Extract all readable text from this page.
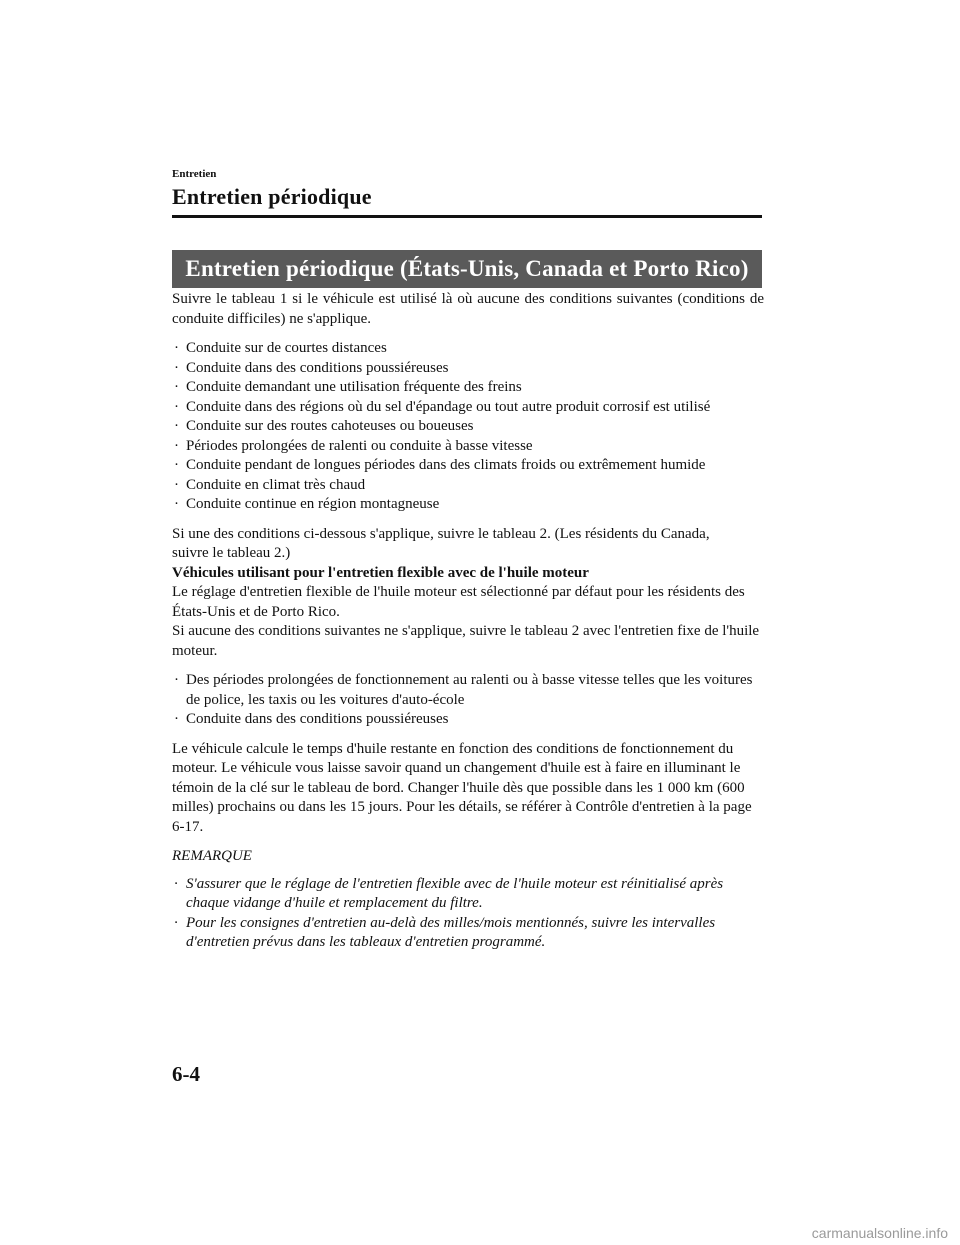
Entretien
Entretien périodique
Entretien périodique (États-Unis, Canada et Porto Rico)

Suivre le tableau 1 si le véhicule est utilisé là où aucune des conditions suivantes (conditions de conduite difficiles) ne s'applique.

· Conduite sur de courtes distances
· Conduite dans des conditions poussiéreuses
· Conduite demandant une utilisation fréquente des freins
· Conduite dans des régions où du sel d'épandage ou tout autre produit corrosif est utilisé
· Conduite sur des routes cahoteuses ou boueuses
· Périodes prolongées de ralenti ou conduite à basse vitesse
· Conduite pendant de longues périodes dans des climats froids ou extrêmement humide
· Conduite en climat très chaud
· Conduite continue en région montagneuse

Si une des conditions ci-dessous s'applique, suivre le tableau 2. (Les résidents du Canada,
suivre le tableau 2.)

Véhicules utilisant pour l'entretien flexible avec de l'huile moteur

Le réglage d'entretien flexible de l'huile moteur est sélectionné par défaut pour les résidents des États-Unis et de Porto Rico.

Si aucune des conditions suivantes ne s'applique, suivre le tableau 2 avec l'entretien fixe de l'huile moteur.

· Des périodes prolongées de fonctionnement au ralenti ou à basse vitesse telles que les voitures de police, les taxis ou les voitures d'auto-école
· Conduite dans des conditions poussiéreuses

Le véhicule calcule le temps d'huile restante en fonction des conditions de fonctionnement du moteur. Le véhicule vous laisse savoir quand un changement d'huile est à faire en illuminant le témoin de la clé sur le tableau de bord. Changer l'huile dès que possible dans les 1 000 km (600 milles) prochains ou dans les 15 jours. Pour les détails, se référer à Contrôle d'entretien à la page 6-17.

REMARQUE

· S'assurer que le réglage de l'entretien flexible avec de l'huile moteur est réinitialisé après chaque vidange d'huile et remplacement du filtre.
· Pour les consignes d'entretien au-delà des milles/mois mentionnés, suivre les intervalles d'entretien prévus dans les tableaux d'entretien programmé.
6-4
carmanualsonline.info
